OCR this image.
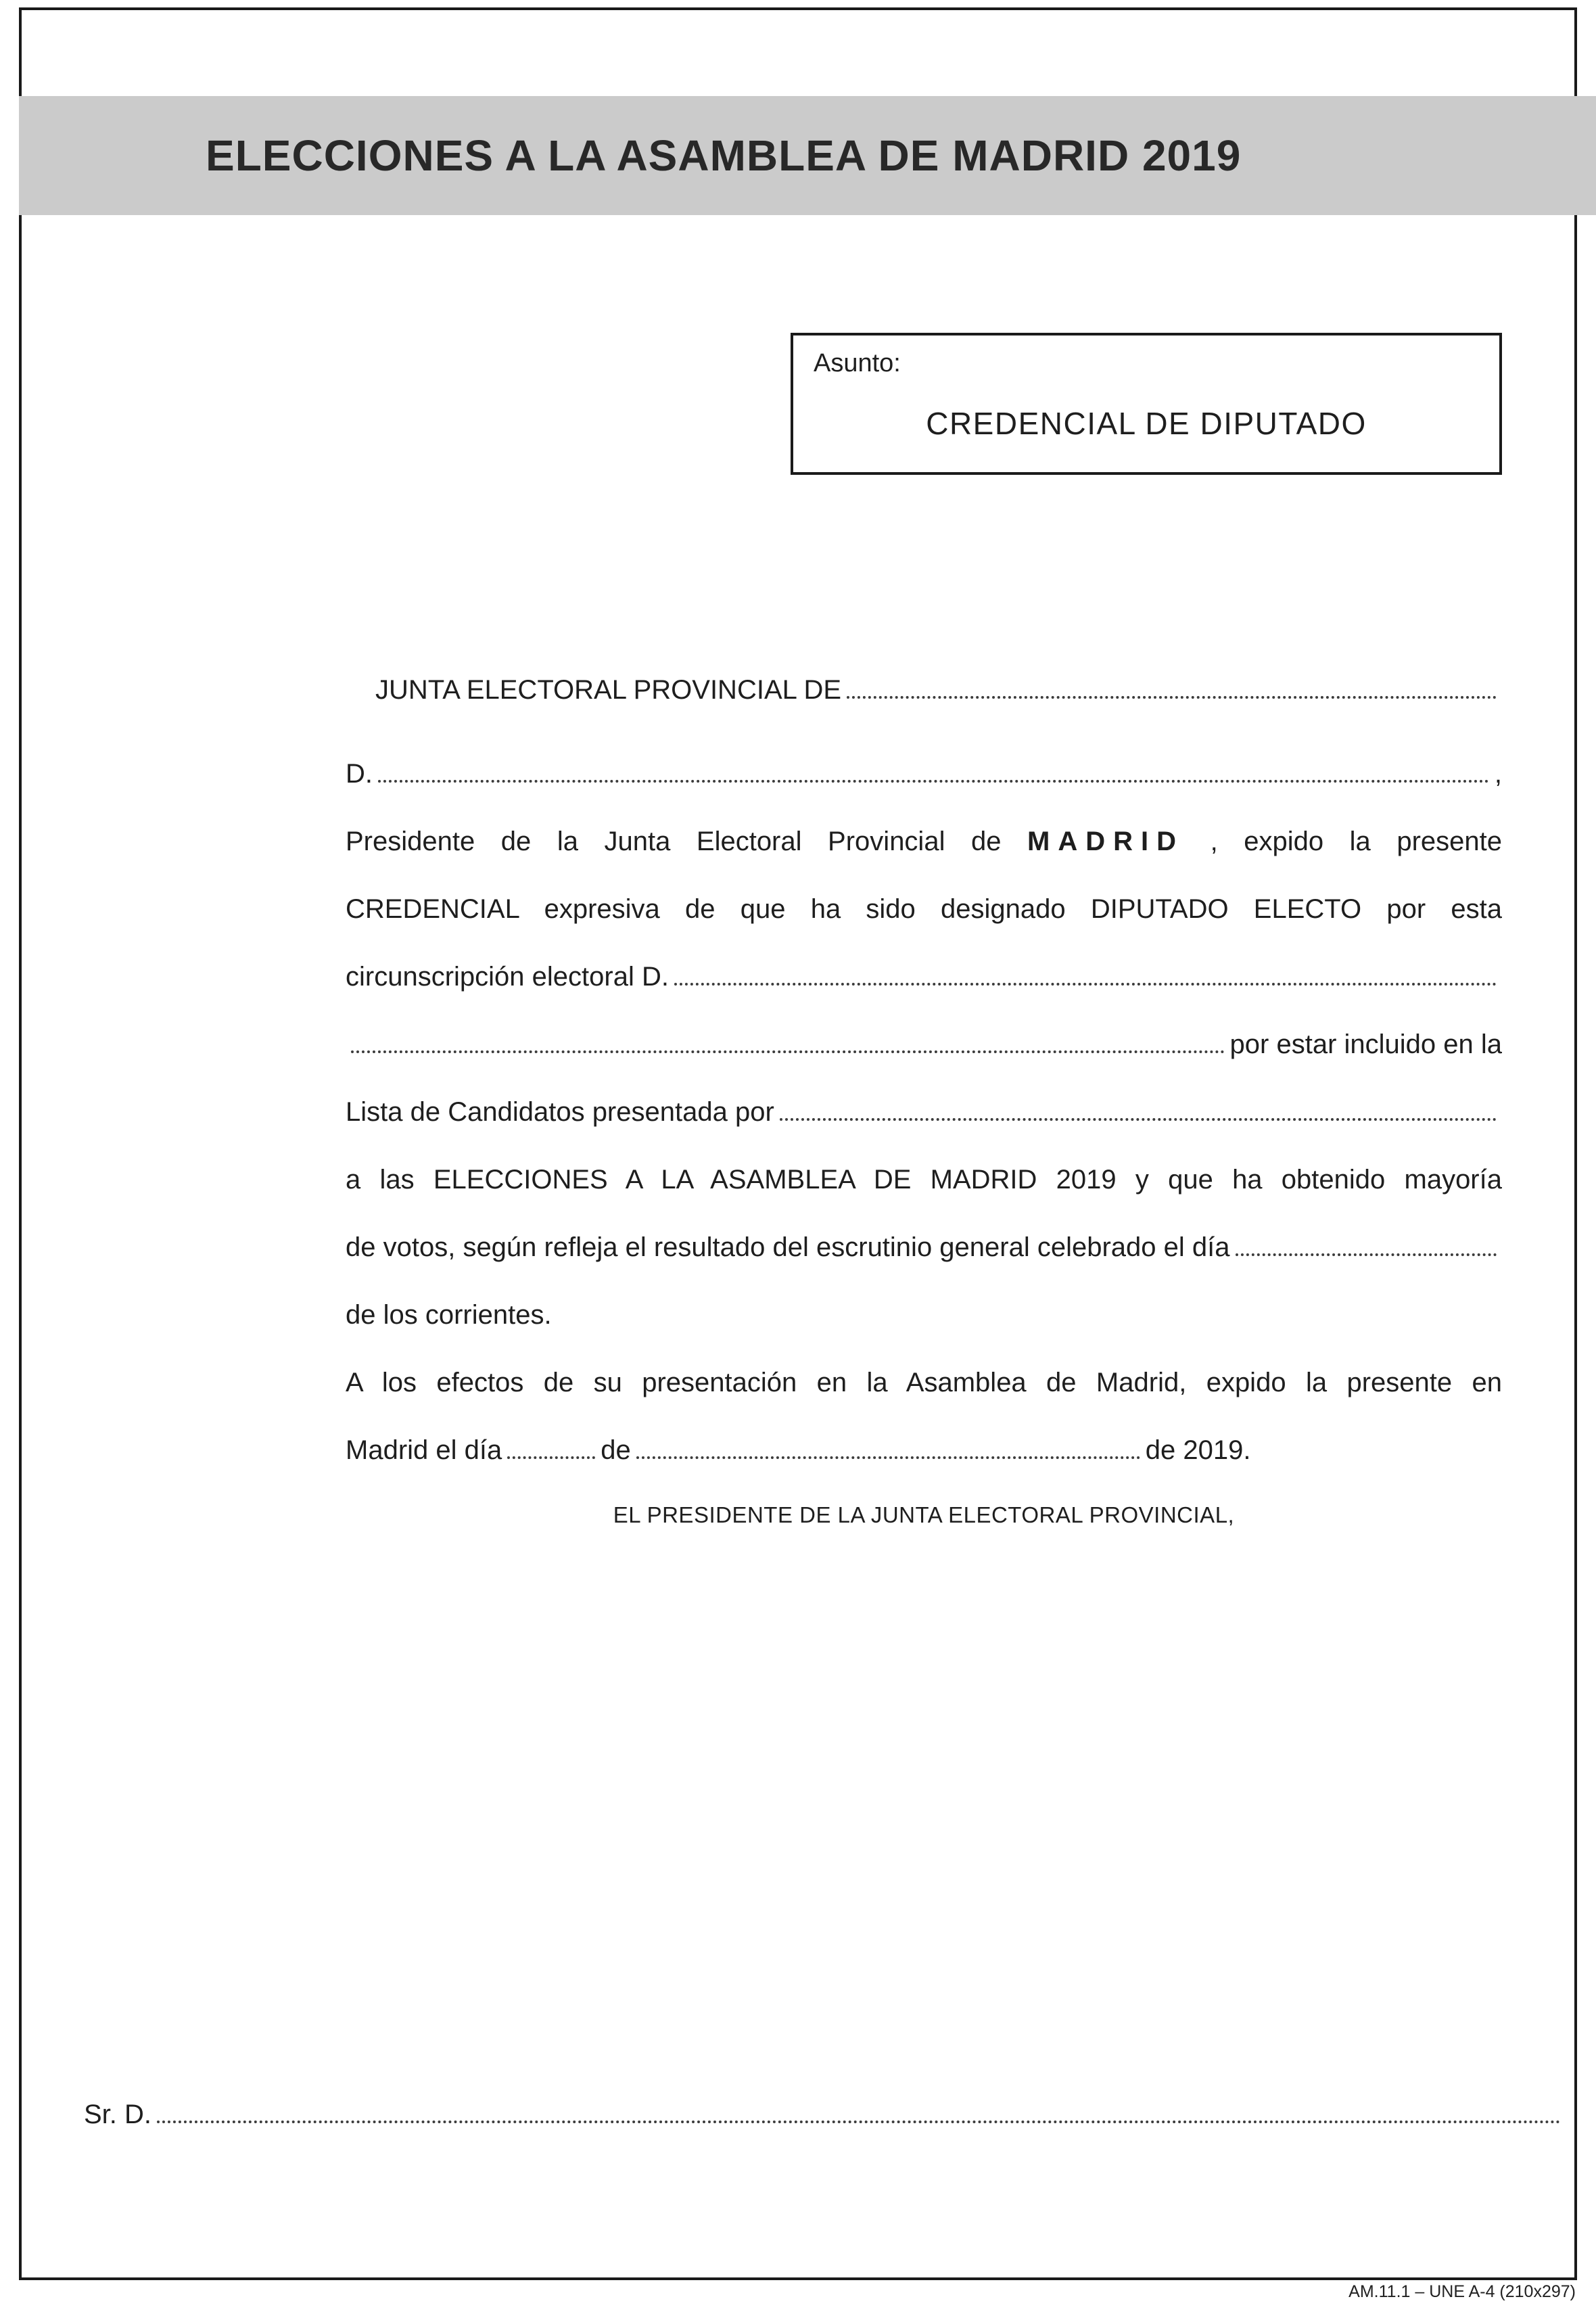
ELECCIONES A LA ASAMBLEA DE MADRID 2019
Asunto:
CREDENCIAL DE DIPUTADO
JUNTA ELECTORAL PROVINCIAL DE
D.	,
Presidente de la Junta Electoral Provincial de MADRID , expido la presente
CREDENCIAL expresiva de que ha sido designado DIPUTADO ELECTO por esta
circunscripción electoral D.
por estar incluido en la
Lista de Candidatos presentada por
a las ELECCIONES A LA ASAMBLEA DE MADRID 2019 y que ha obtenido mayoría
de votos, según refleja el resultado del escrutinio general celebrado el día
de los corrientes.
A los efectos de su presentación en la Asamblea de Madrid, expido la presente en
Madrid el día	de	de 2019.
EL PRESIDENTE DE LA JUNTA ELECTORAL PROVINCIAL,
Sr. D.
AM.11.1 – UNE A-4 (210x297)
